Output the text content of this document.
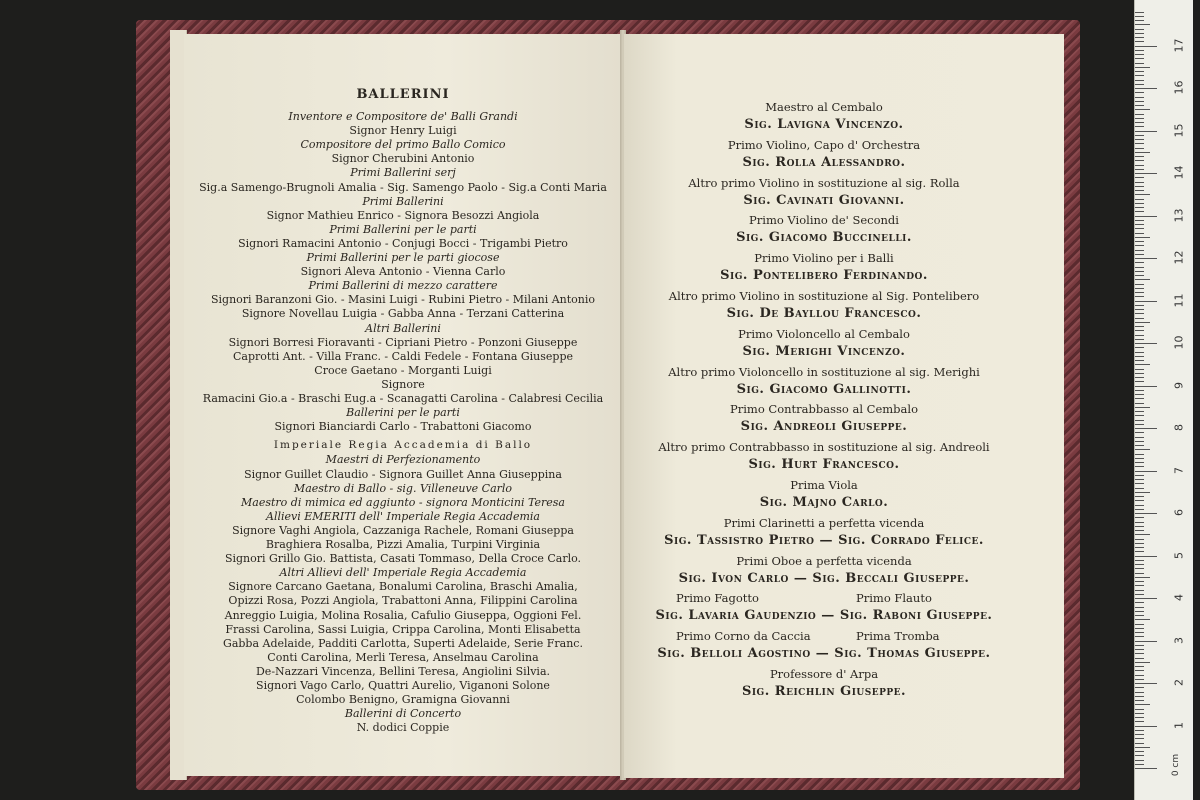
BALLERINI
Inventore e Compositore de' Balli Grandi
Signor Henry Luigi
Compositore del primo Ballo Comico
Signor Cherubini Antonio
Primi Ballerini serj
Sig.a Samengo-Brugnoli Amalia - Sig. Samengo Paolo - Sig.a Conti Maria
Primi Ballerini
Signor Mathieu Enrico - Signora Besozzi Angiola
Primi Ballerini per le parti
Signori Ramacini Antonio - Conjugi Bocci - Trigambi Pietro
Primi Ballerini per le parti giocose
Signori Aleva Antonio - Vienna Carlo
Primi Ballerini di mezzo carattere
Signori Baranzoni Gio. - Masini Luigi - Rubini Pietro - Milani Antonio
Signore Novellau Luigia - Gabba Anna - Terzani Catterina
Altri Ballerini
Signori Borresi Fioravanti - Cipriani Pietro - Ponzoni Giuseppe
Caprotti Ant. - Villa Franc. - Caldi Fedele - Fontana Giuseppe
Croce Gaetano - Morganti Luigi
Signore
Ramacini Gio.a - Braschi Eug.a - Scanagatti Carolina - Calabresi Cecilia
Ballerini per le parti
Signori Bianciardi Carlo - Trabattoni Giacomo
Imperiale Regia Accademia di Ballo
Maestri di Perfezionamento
Signor Guillet Claudio - Signora Guillet Anna Giuseppina
Maestro di Ballo - sig. Villeneuve Carlo
Maestro di mimica ed aggiunto - signora Monticini Teresa
Allievi EMERITI dell' Imperiale Regia Accademia
Signore Vaghi Angiola, Cazzaniga Rachele, Romani Giuseppa
Braghiera Rosalba, Pizzi Amalia, Turpini Virginia
Signori Grillo Gio. Battista, Casati Tommaso, Della Croce Carlo.
Altri Allievi dell' Imperiale Regia Accademia
Signore Carcano Gaetana, Bonalumi Carolina, Braschi Amalia,
Opizzi Rosa, Pozzi Angiola, Trabattoni Anna, Filippini Carolina
Anreggio Luigia, Molina Rosalia, Cafulio Giuseppa, Oggioni Fel.
Frassi Carolina, Sassi Luigia, Crippa Carolina, Monti Elisabetta
Gabba Adelaide, Padditi Carlotta, Superti Adelaide, Serie Franc.
Conti Carolina, Merli Teresa, Anselmau Carolina
De-Nazzari Vincenza, Bellini Teresa, Angiolini Silvia.
Signori Vago Carlo, Quattri Aurelio, Viganoni Solone
Colombo Benigno, Gramigna Giovanni
Ballerini di Concerto
N. dodici Coppie
Maestro al Cembalo
Sig. Lavigna Vincenzo.
Primo Violino, Capo d' Orchestra
Sig. Rolla Alessandro.
Altro primo Violino in sostituzione al sig. Rolla
Sig. Cavinati Giovanni.
Primo Violino de' Secondi
Sig. Giacomo Buccinelli.
Primo Violino per i Balli
Sig. Pontelibero Ferdinando.
Altro primo Violino in sostituzione al Sig. Pontelibero
Sig. De Bayllou Francesco.
Primo Violoncello al Cembalo
Sig. Merighi Vincenzo.
Altro primo Violoncello in sostituzione al sig. Merighi
Sig. Giacomo Gallinotti.
Primo Contrabbasso al Cembalo
Sig. Andreoli Giuseppe.
Altro primo Contrabbasso in sostituzione al sig. Andreoli
Sig. Hurt Francesco.
Prima Viola
Sig. Majno Carlo.
Primi Clarinetti a perfetta vicenda
Sig. Tassistro Pietro — Sig. Corrado Felice.
Primi Oboe a perfetta vicenda
Sig. Ivon Carlo — Sig. Beccali Giuseppe.
Primo Fagotto	Primo Flauto
Sig. Lavaria Gaudenzio — Sig. Raboni Giuseppe.
Primo Corno da Caccia	Prima Tromba
Sig. Belloli Agostino — Sig. Thomas Giuseppe.
Professore d' Arpa
Sig. Reichlin Giuseppe.
0 cm
1
2
3
4
5
6
7
8
9
10
11
12
13
14
15
16
17
